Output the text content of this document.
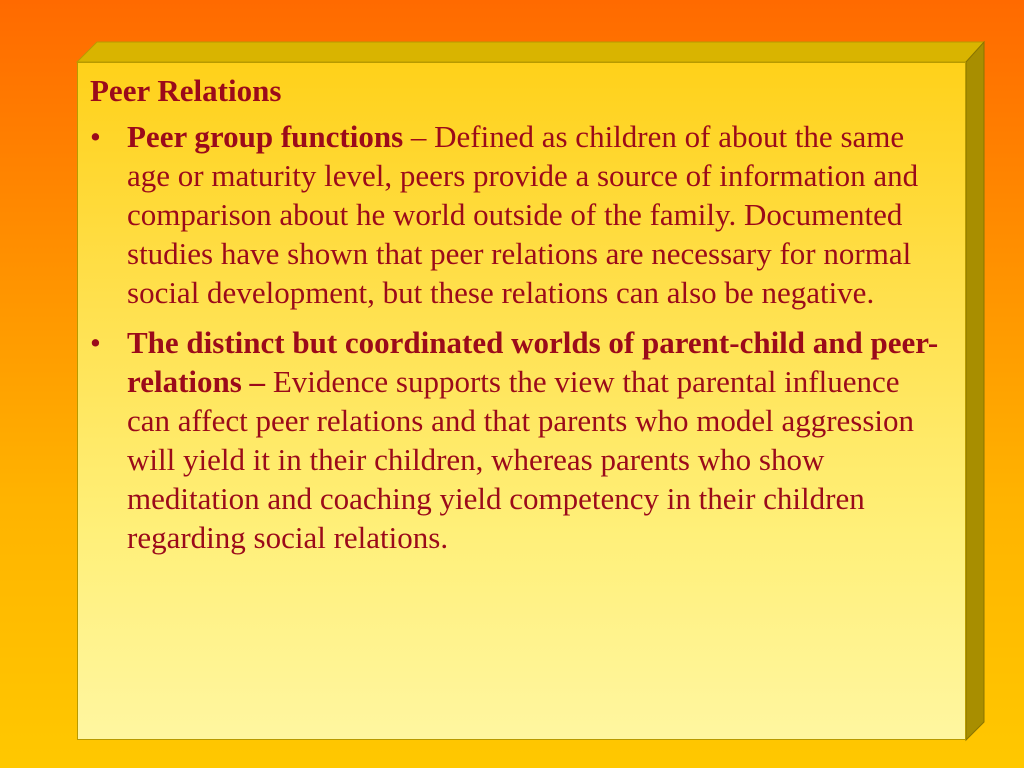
Peer Relations
• Peer group functions – Defined as children of about the same age or maturity level, peers provide a source of information and comparison about he world outside of the family. Documented studies have shown that peer relations are necessary for normal social development, but these relations can also be negative.
• The distinct but coordinated worlds of parent-child and peer-relations – Evidence supports the view that parental influence can affect peer relations and that parents who model aggression will yield it in their children, whereas parents who show meditation and coaching yield competency in their children regarding social relations.
